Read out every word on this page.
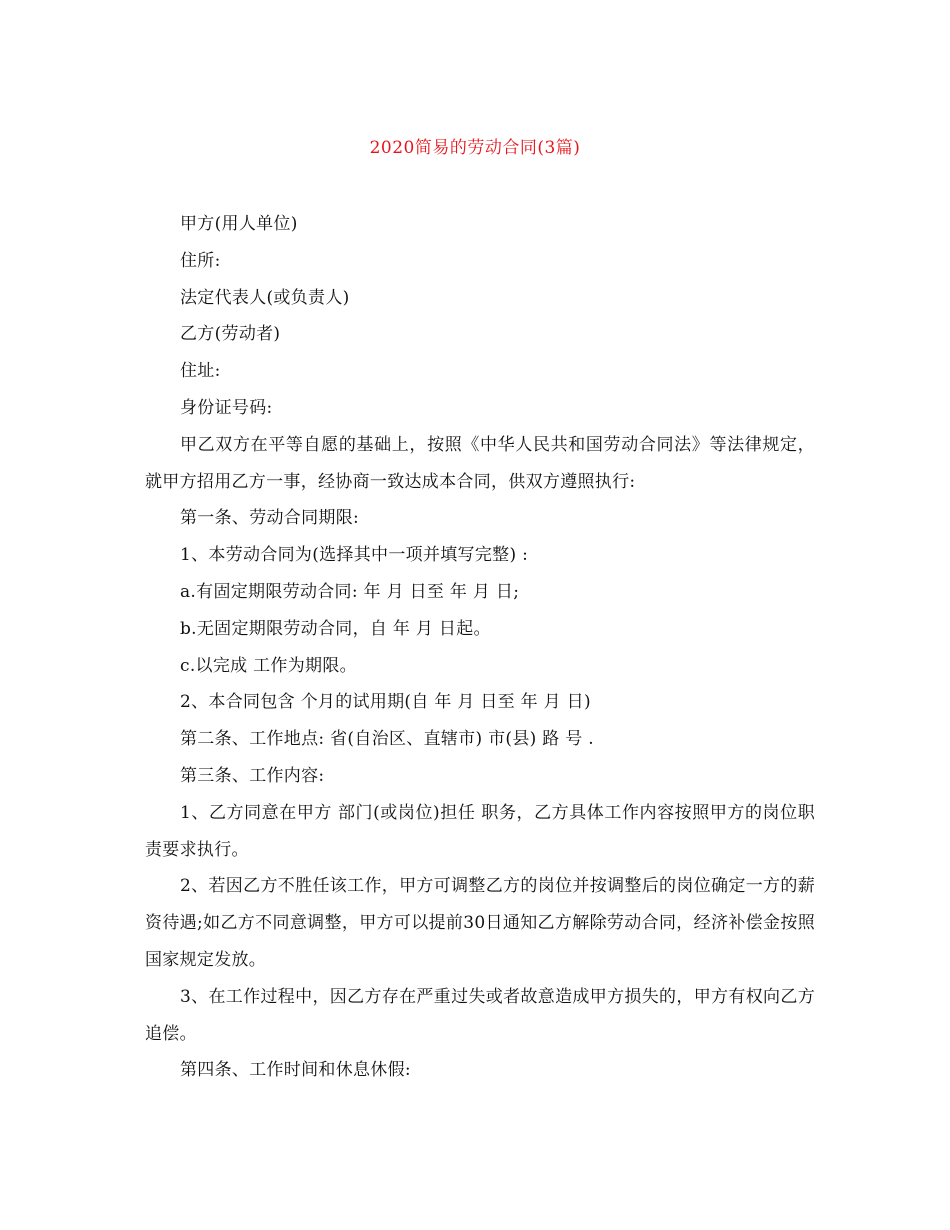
2020简易的劳动合同(3篇)

甲方(用人单位)

住所:

法定代表人(或负责人)

乙方(劳动者)

住址:

身份证号码:

甲乙双方在平等自愿的基础上，按照《中华人民共和国劳动合同法》等法律规定，就甲方招用乙方一事，经协商一致达成本合同，供双方遵照执行:

第一条、劳动合同期限:

1、本劳动合同为(选择其中一项并填写完整) :

a.有固定期限劳动合同: 年 月 日至 年 月 日;

b.无固定期限劳动合同，自 年 月 日起。

c.以完成 工作为期限。

2、本合同包含 个月的试用期(自 年 月 日至 年 月 日)

第二条、工作地点: 省(自治区、直辖市) 市(县) 路 号 .

第三条、工作内容:

1、乙方同意在甲方 部门(或岗位)担任 职务，乙方具体工作内容按照甲方的岗位职责要求执行。

2、若因乙方不胜任该工作，甲方可调整乙方的岗位并按调整后的岗位确定一方的薪资待遇;如乙方不同意调整，甲方可以提前30日通知乙方解除劳动合同，经济补偿金按照国家规定发放。

3、在工作过程中，因乙方存在严重过失或者故意造成甲方损失的，甲方有权向乙方追偿。

第四条、工作时间和休息休假:
